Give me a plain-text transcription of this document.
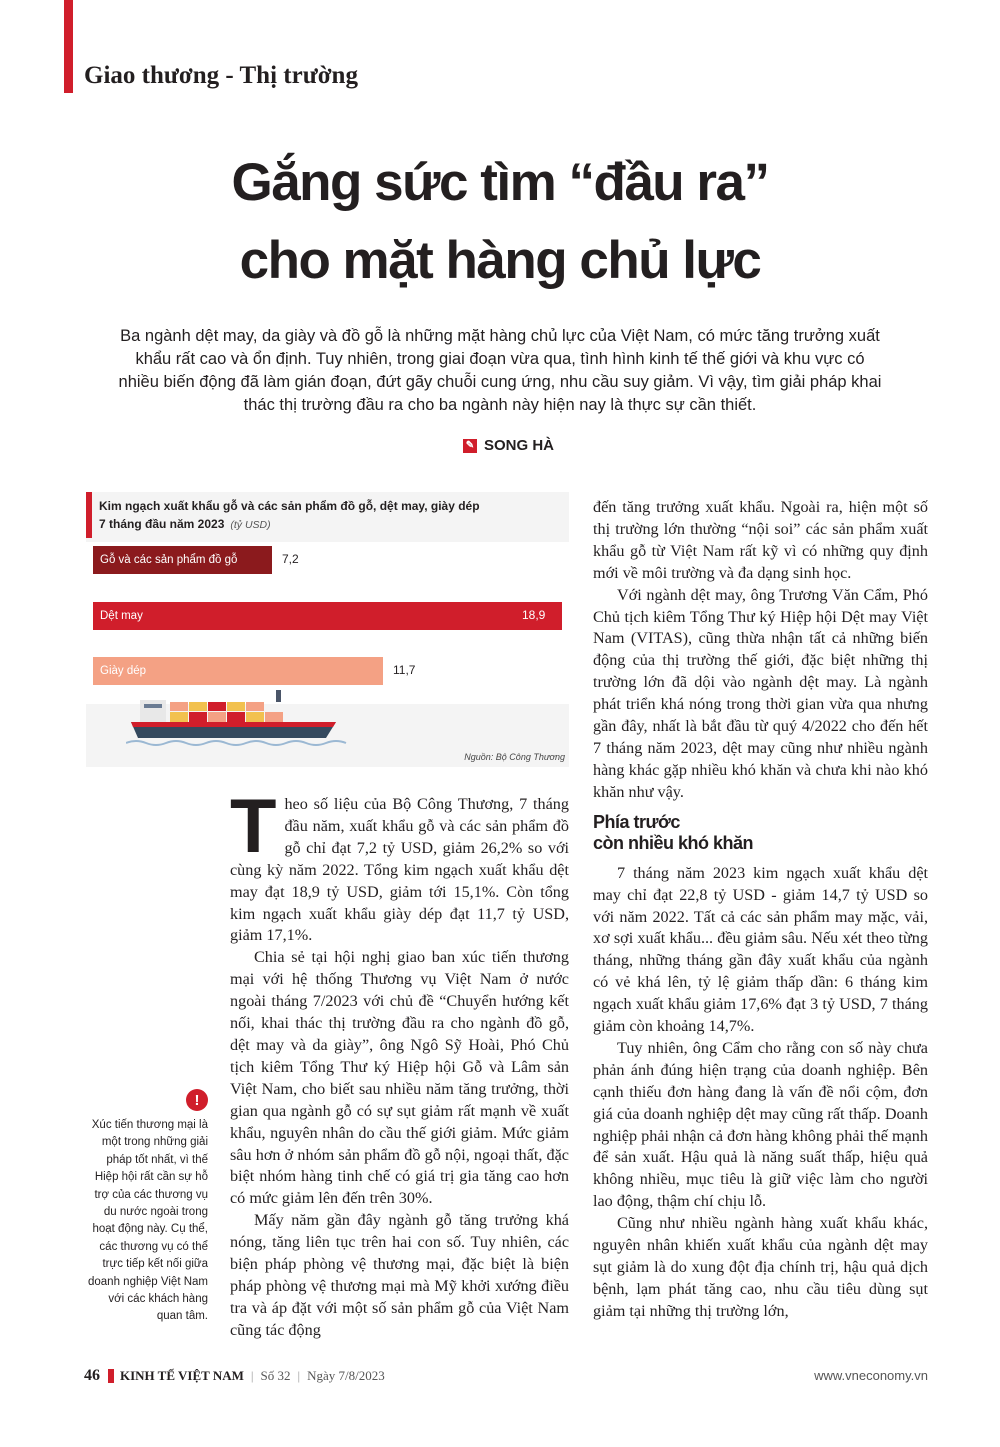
Giao thương - Thị trường
Gắng sức tìm “đầu ra”
cho mặt hàng chủ lực
Ba ngành dệt may, da giày và đồ gỗ là những mặt hàng chủ lực của Việt Nam, có mức tăng trưởng xuất khẩu rất cao và ổn định. Tuy nhiên, trong giai đoạn vừa qua, tình hình kinh tế thế giới và khu vực có nhiều biến động đã làm gián đoạn, đứt gãy chuỗi cung ứng, nhu cầu suy giảm. Vì vậy, tìm giải pháp khai thác thị trường đầu ra cho ba ngành này hiện nay là thực sự cần thiết.
✎ SONG HÀ
Kim ngạch xuất khẩu gỗ và các sản phẩm đồ gỗ, dệt may, giày dép
7 tháng đầu năm 2023 (tỷ USD)
Gỗ và các sản phẩm đồ gỗ	7,2
Dệt may	18,9
Giày dép	11,7
Nguồn: Bộ Công Thương

Theo số liệu của Bộ Công Thương, 7 tháng đầu năm, xuất khẩu gỗ và các sản phẩm đồ gỗ chỉ đạt 7,2 tỷ USD, giảm 26,2% so với cùng kỳ năm 2022. Tổng kim ngạch xuất khẩu dệt may đạt 18,9 tỷ USD, giảm tới 15,1%. Còn tổng kim ngạch xuất khẩu giày dép đạt 11,7 tỷ USD, giảm 17,1%.

Chia sẻ tại hội nghị giao ban xúc tiến thương mại với hệ thống Thương vụ Việt Nam ở nước ngoài tháng 7/2023 với chủ đề “Chuyển hướng kết nối, khai thác thị trường đầu ra cho ngành đồ gỗ, dệt may và da giày”, ông Ngô Sỹ Hoài, Phó Chủ tịch kiêm Tổng Thư ký Hiệp hội Gỗ và Lâm sản Việt Nam, cho biết sau nhiều năm tăng trưởng, thời gian qua ngành gỗ có sự sụt giảm rất mạnh về xuất khẩu, nguyên nhân do cầu thế giới giảm. Mức giảm sâu hơn ở nhóm sản phẩm đồ gỗ nội, ngoại thất, đặc biệt nhóm hàng tinh chế có giá trị gia tăng cao hơn có mức giảm lên đến trên 30%.

Mấy năm gần đây ngành gỗ tăng trưởng khá nóng, tăng liên tục trên hai con số. Tuy nhiên, các biện pháp phòng vệ thương mại, đặc biệt là biện pháp phòng vệ thương mại mà Mỹ khởi xướng điều tra và áp đặt với một số sản phẩm gỗ của Việt Nam cũng tác động

đến tăng trưởng xuất khẩu. Ngoài ra, hiện một số thị trường lớn thường “nội soi” các sản phẩm xuất khẩu gỗ từ Việt Nam rất kỹ vì có những quy định mới về môi trường và đa dạng sinh học.

Với ngành dệt may, ông Trương Văn Cẩm, Phó Chủ tịch kiêm Tổng Thư ký Hiệp hội Dệt may Việt Nam (VITAS), cũng thừa nhận tất cả những biến động của thị trường thế giới, đặc biệt những thị trường lớn đã dội vào ngành dệt may. Là ngành phát triển khá nóng trong thời gian vừa qua nhưng gần đây, nhất là bắt đầu từ quý 4/2022 cho đến hết 7 tháng năm 2023, dệt may cũng như nhiều ngành hàng khác gặp nhiều khó khăn và chưa khi nào khó khăn như vậy.

Phía trước
còn nhiều khó khăn

7 tháng năm 2023 kim ngạch xuất khẩu dệt may chỉ đạt 22,8 tỷ USD - giảm 14,7 tỷ USD so với năm 2022. Tất cả các sản phẩm may mặc, vải, xơ sợi xuất khẩu... đều giảm sâu. Nếu xét theo từng tháng, những tháng gần đây xuất khẩu của ngành có vẻ khá lên, tỷ lệ giảm thấp dần: 6 tháng kim ngạch xuất khẩu giảm 17,6% đạt 3 tỷ USD, 7 tháng giảm còn khoảng 14,7%.

Tuy nhiên, ông Cẩm cho rằng con số này chưa phản ánh đúng hiện trạng của doanh nghiệp. Bên cạnh thiếu đơn hàng đang là vấn đề nổi cộm, đơn giá của doanh nghiệp dệt may cũng rất thấp. Doanh nghiệp phải nhận cả đơn hàng không phải thế mạnh để sản xuất. Hậu quả là năng suất thấp, hiệu quả không nhiều, mục tiêu là giữ việc làm cho người lao động, thậm chí chịu lỗ.

Cũng như nhiều ngành hàng xuất khẩu khác, nguyên nhân khiến xuất khẩu của ngành dệt may sụt giảm là do xung đột địa chính trị, hậu quả dịch bệnh, lạm phát tăng cao, nhu cầu tiêu dùng sụt giảm tại những thị trường lớn,

!
Xúc tiến thương mại là một trong những giải pháp tốt nhất, vì thế Hiệp hội rất cần sự hỗ trợ của các thương vụ du nước ngoài trong hoạt động này. Cụ thể, các thương vụ có thể trực tiếp kết nối giữa doanh nghiệp Việt Nam với các khách hàng quan tâm.
46 KINH TẾ VIỆT NAM | Số 32 | Ngày 7/8/2023	www.vneconomy.vn
